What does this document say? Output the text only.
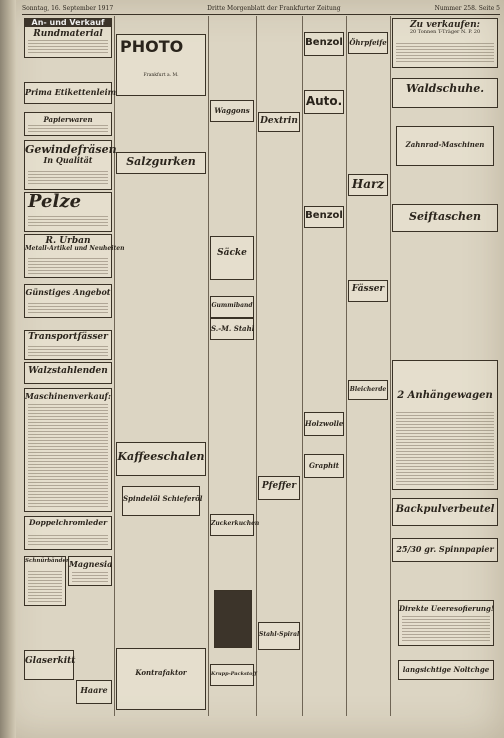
Sonntag, 16. September 1917	Dritte Morgenblatt der Frankfurter Zeitung	Nummer 258. Seite 5
An- und Verkauf
Rundmaterial
Prima Etikettenleim
Papierwaren
Gewindefräsen
In Qualität
Pelze
R. Urban
Metall-Artikel und Neuheiten
Günstiges Angebot
Transportfässer
Walzstahlenden
Maschinenverkauf:
Doppelchromleder
Schnürbänder Magnesia
Glaserkitt
Haare
PHOTO
Frankfurt a. M.
Salzgurken
Kaffeeschalen
Spindelöl Schieferöl
Kontrafaktor
Waggons
Säcke
Gummiband
S.-M. Stahl
Zuckerkuchen
Krupp-Packstoff
Dextrin
Pfeffer
Stahl-Spiral
Benzol
Auto.
Benzol
Holzwolle
Graphit
Öhrpfeife
Harz
Fässer
Bleicherde
Zu verkaufen:
20 Tonnen T-Träger N. P. 20
Waldschuhe.
Zahnrad-Maschinen
Seiftaschen
2 Anhängewagen
Backpulverbeutel
25/30 gr. Spinnpapier
Direkte Ueeresofierung!
langsichtige Noltchge
